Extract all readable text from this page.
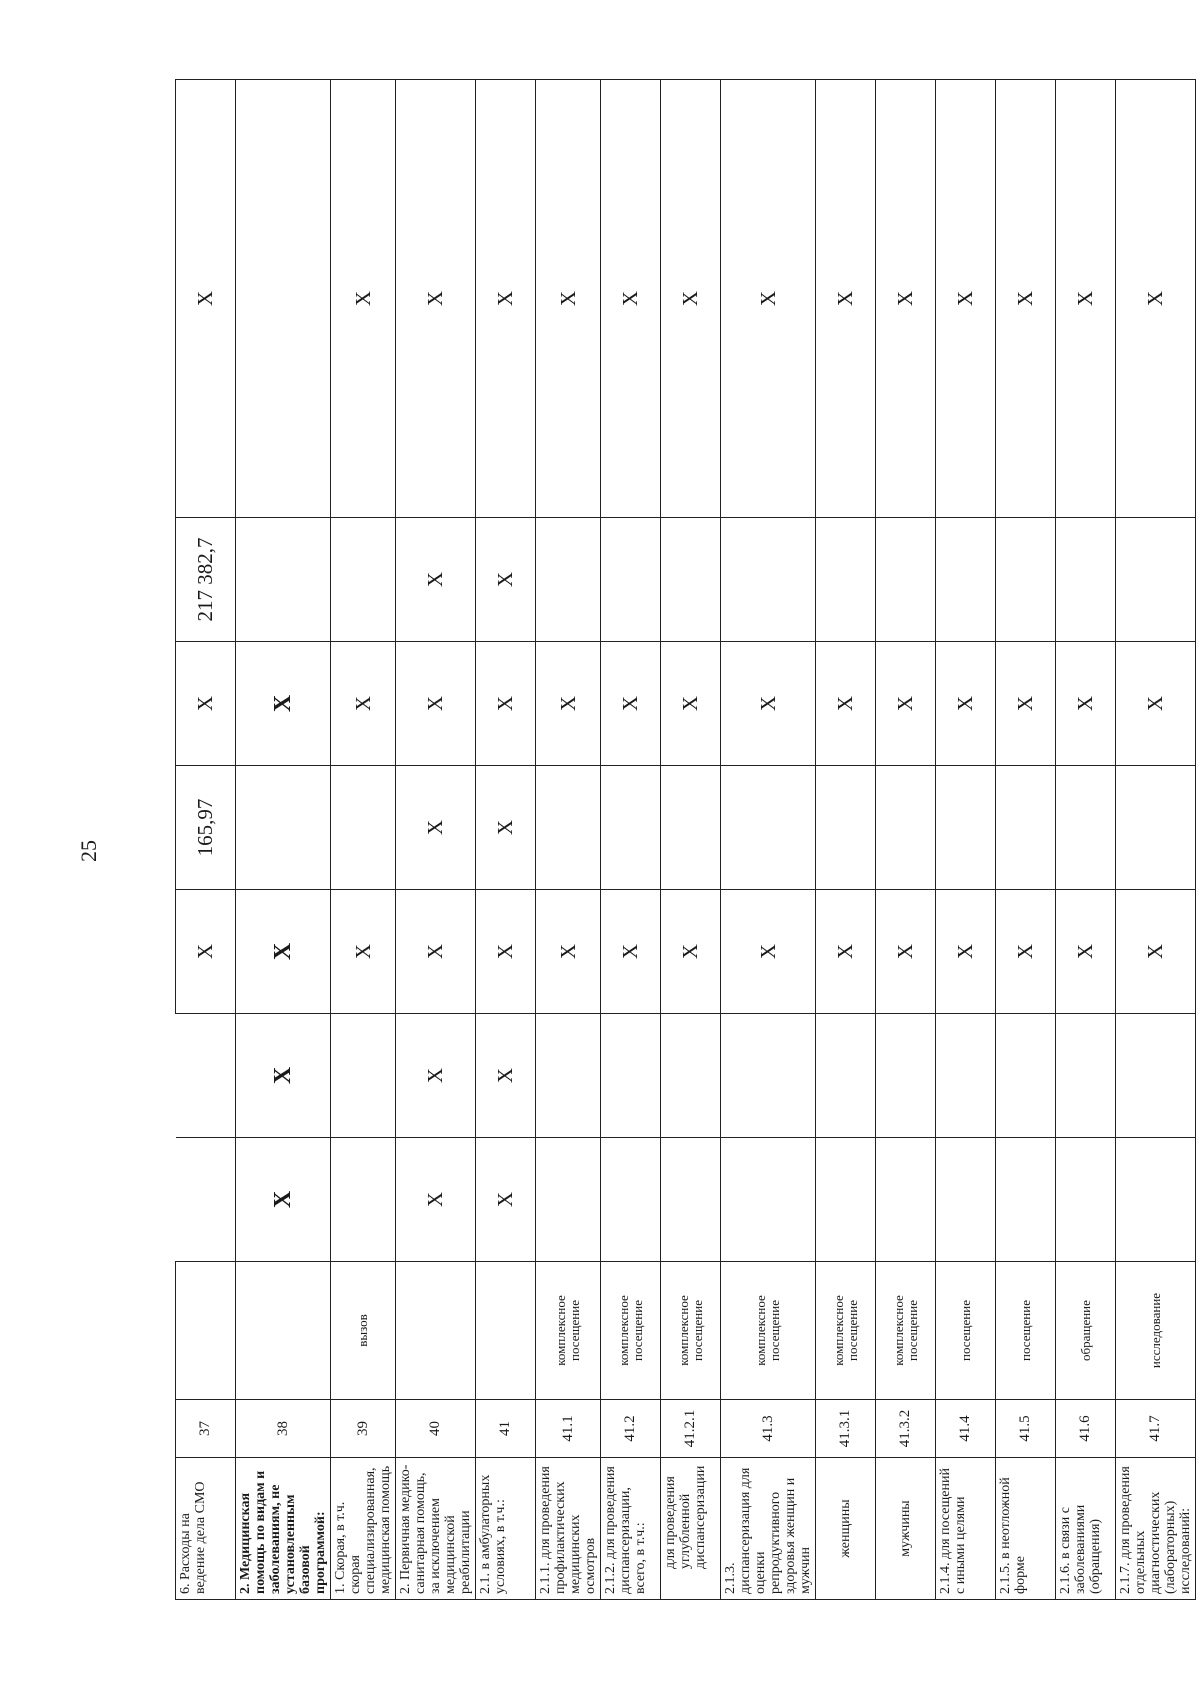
25
6. Расходы на ведение дела СМО	37				X	165,97	X	217 382,7	X
2. Медицинская помощь по видам и заболеваниям, не установленным базовой программой:	38		X	X	X		X		
1. Скорая, в т.ч. скорая специализированная, медицинская помощь	39	вызов			X		X		X
2. Первичная медико-санитарная помощь, за исключением медицинской реабилитации	40		X	X	X	X	X	X	X
2.1. в амбулаторных условиях, в т.ч.:	41		X	X	X	X	X	X	X
2.1.1. для проведения профилактических медицинских осмотров	41.1	комплексное посещение			X		X		X
2.1.2. для проведения диспансеризации, всего, в т.ч.:	41.2	комплексное посещение			X		X		X
для проведения углубленной диспансеризации	41.2.1	комплексное посещение			X		X		X
2.1.3. диспансеризация для оценки репродуктивного здоровья женщин и мужчин	41.3	комплексное посещение			X		X		X
женщины	41.3.1	комплексное посещение			X		X		X
мужчины	41.3.2	комплексное посещение			X		X		X
2.1.4. для посещений с иными целями	41.4	посещение			X		X		X
2.1.5. в неотложной форме	41.5	посещение			X		X		X
2.1.6. в связи с заболеваниями (обращения)	41.6	обращение			X		X		X
2.1.7. для проведения отдельных диагностических (лабораторных) исследований:	41.7	исследование			X		X		X
